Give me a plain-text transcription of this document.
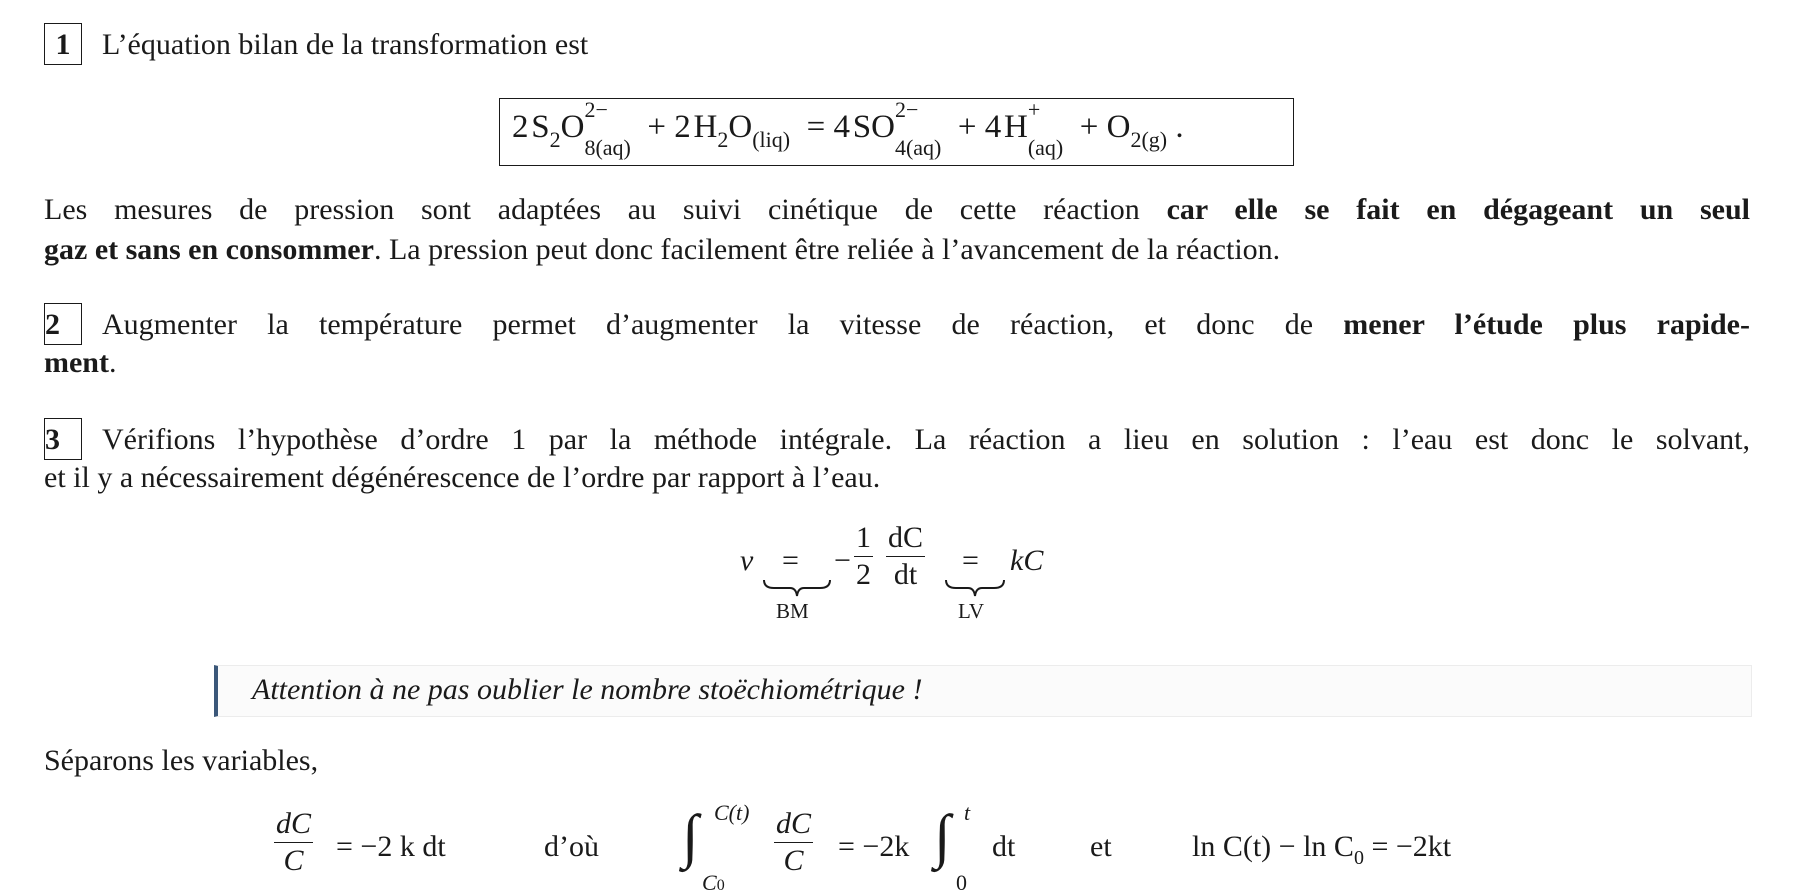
1 L’équation bilan de la transformation est
2 $S_2O$ 2−
$_{8(aq)}$  + 2 $H_2O_{(liq)} = 4$ SO 2−
$_{4(aq)}$  + 4 H +
$_{(aq)} + O_{2(g)}$ .
Les mesures de pression sont adaptées au suivi cinétique de cette réaction car elle se fait en dégageant un seul
gaz et sans en consommer. La pression peut donc facilement être reliée à l’avancement de la réaction.
2 Augmenter la température permet d’augmenter la vitesse de réaction, et donc de mener l’étude plus rapide-
ment.
3 Vérifions l’hypothèse d’ordre 1 par la méthode intégrale. La réaction a lieu en solution : l’eau est donc le solvant,
et il y a nécessairement dégénérescence de l’ordre par rapport à l’eau.
v =
BM
−
1
2
dC
dt =
LV
kC
Attention à ne pas oublier le nombre stoëchiométrique !
Séparons les variables,
dC
C	= −2 k dt	d’où ∫ C(t)
C0
dC
C	= −2k ∫ t
0
dt et	$\ln C(t) - \ln C_0 = -2kt$
